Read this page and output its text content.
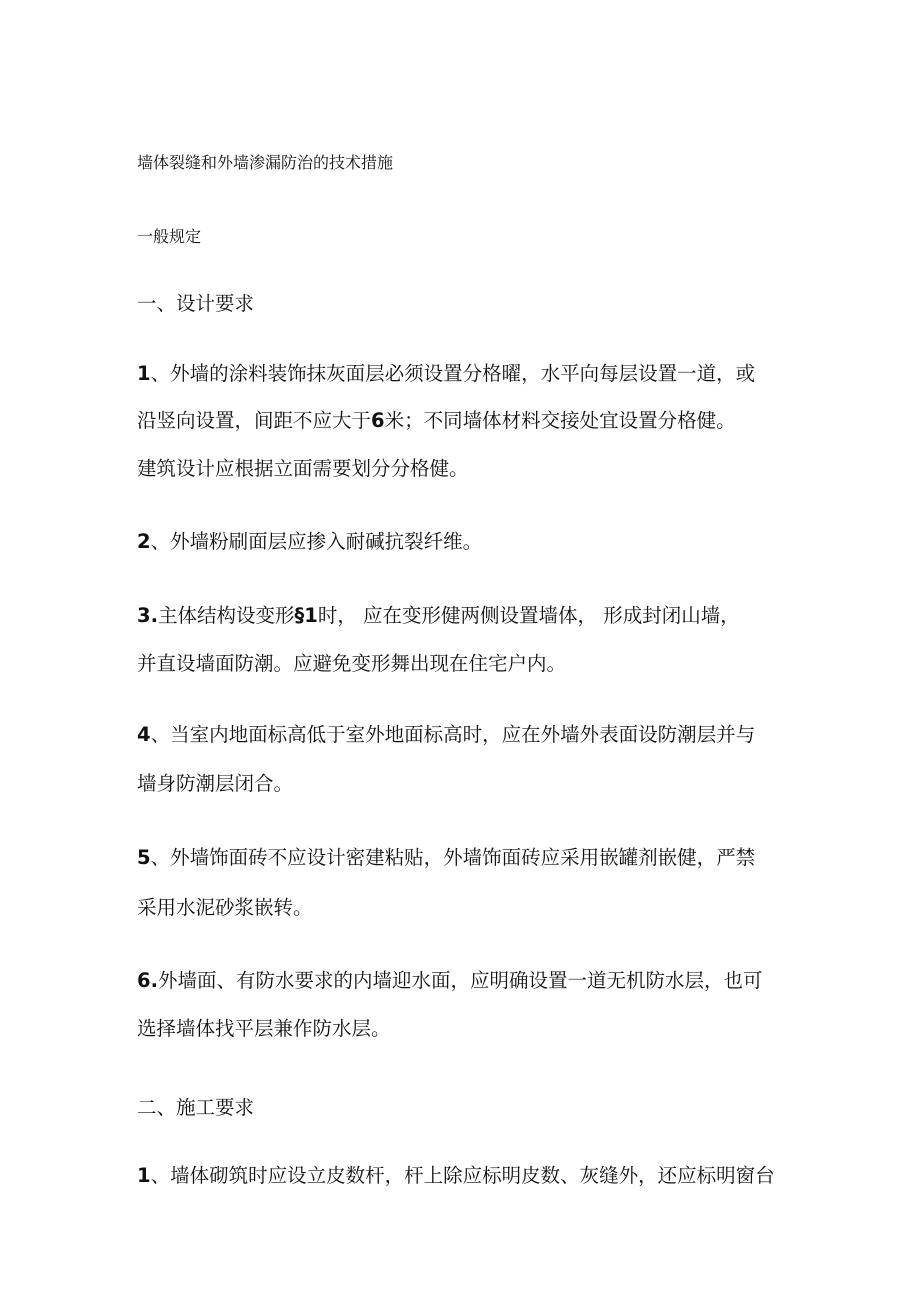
墙体裂缝和外墙渗漏防治的技术措施

一般规定

一、设计要求

1、外墙的涂料装饰抹灰面层必须设置分格曜，水平向每层设置一道，或

沿竖向设置，间距不应大于6米；不同墙体材料交接处宜设置分格健。

建筑设计应根据立面需要划分分格健。

2、外墙粉刷面层应掺入耐碱抗裂纤维。

3.主体结构设变形§1时， 应在变形健两侧设置墙体， 形成封闭山墙，

并直设墙面防潮。应避免变形舞出现在住宅户内。

4、当室内地面标高低于室外地面标高时，应在外墙外表面设防潮层并与

墙身防潮层闭合。

5、外墙饰面砖不应设计密建粘贴，外墙饰面砖应采用嵌罐剂嵌健，严禁

采用水泥砂浆嵌转。

6.外墙面、有防水要求的内墙迎水面，应明确设置一道无机防水层，也可

选择墙体找平层兼作防水层。

二、施工要求

1、墙体砌筑时应设立皮数杆，杆上除应标明皮数、灰缝外，还应标明窗台
